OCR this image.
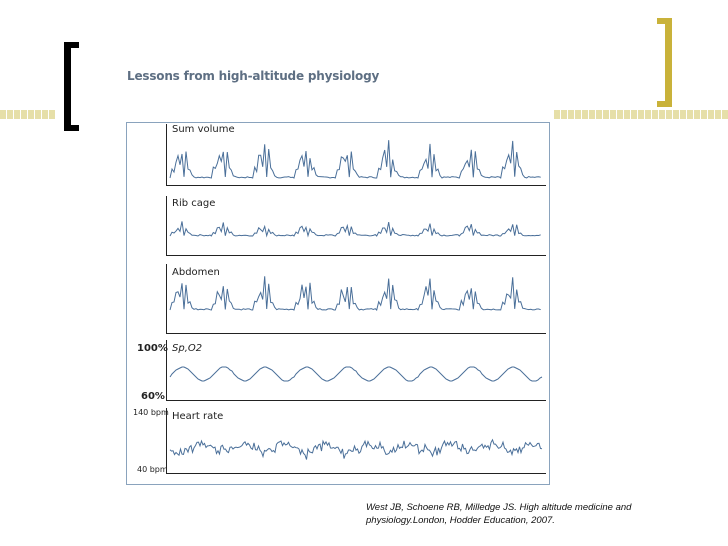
Lessons from high-altitude physiology
Sum volume
Rib cage
Abdomen
Sp,O2
100%
60%
Heart rate
140 bpm
40 bpm
West JB, Schoene RB, Milledge JS. High altitude medicine and physiology.London, Hodder Education, 2007.
